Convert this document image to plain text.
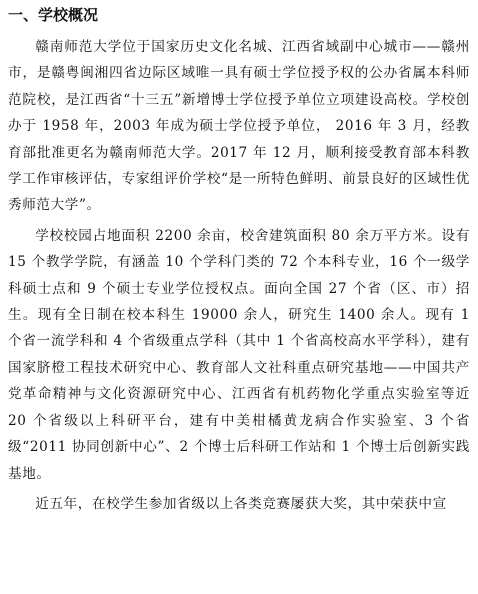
一、学校概况

赣南师范大学位于国家历史文化名城、江西省域副中心城市——赣州市，是赣粤闽湘四省边际区域唯一具有硕士学位授予权的公办省属本科师范院校，是江西省“十三五”新增博士学位授予单位立项建设高校。学校创办于 1958 年，2003 年成为硕士学位授予单位， 2016 年 3 月，经教育部批准更名为赣南师范大学。2017 年 12 月，顺利接受教育部本科教学工作审核评估，专家组评价学校“是一所特色鲜明、前景良好的区域性优秀师范大学”。

学校校园占地面积 2200 余亩，校舍建筑面积 80 余万平方米。设有 15 个教学学院，有涵盖 10 个学科门类的 72 个本科专业，16 个一级学科硕士点和 9 个硕士专业学位授权点。面向全国 27 个省（区、市）招生。现有全日制在校本科生 19000 余人，研究生 1400 余人。现有 1 个省一流学科和 4 个省级重点学科（其中 1 个省高校高水平学科），建有国家脐橙工程技术研究中心、教育部人文社科重点研究基地——中国共产党革命精神与文化资源研究中心、江西省有机药物化学重点实验室等近 20 个省级以上科研平台，建有中美柑橘黄龙病合作实验室、3 个省级“2011 协同创新中心”、2 个博士后科研工作站和 1 个博士后创新实践基地。

近五年，在校学生参加省级以上各类竞赛屡获大奖，其中荣获中宣
